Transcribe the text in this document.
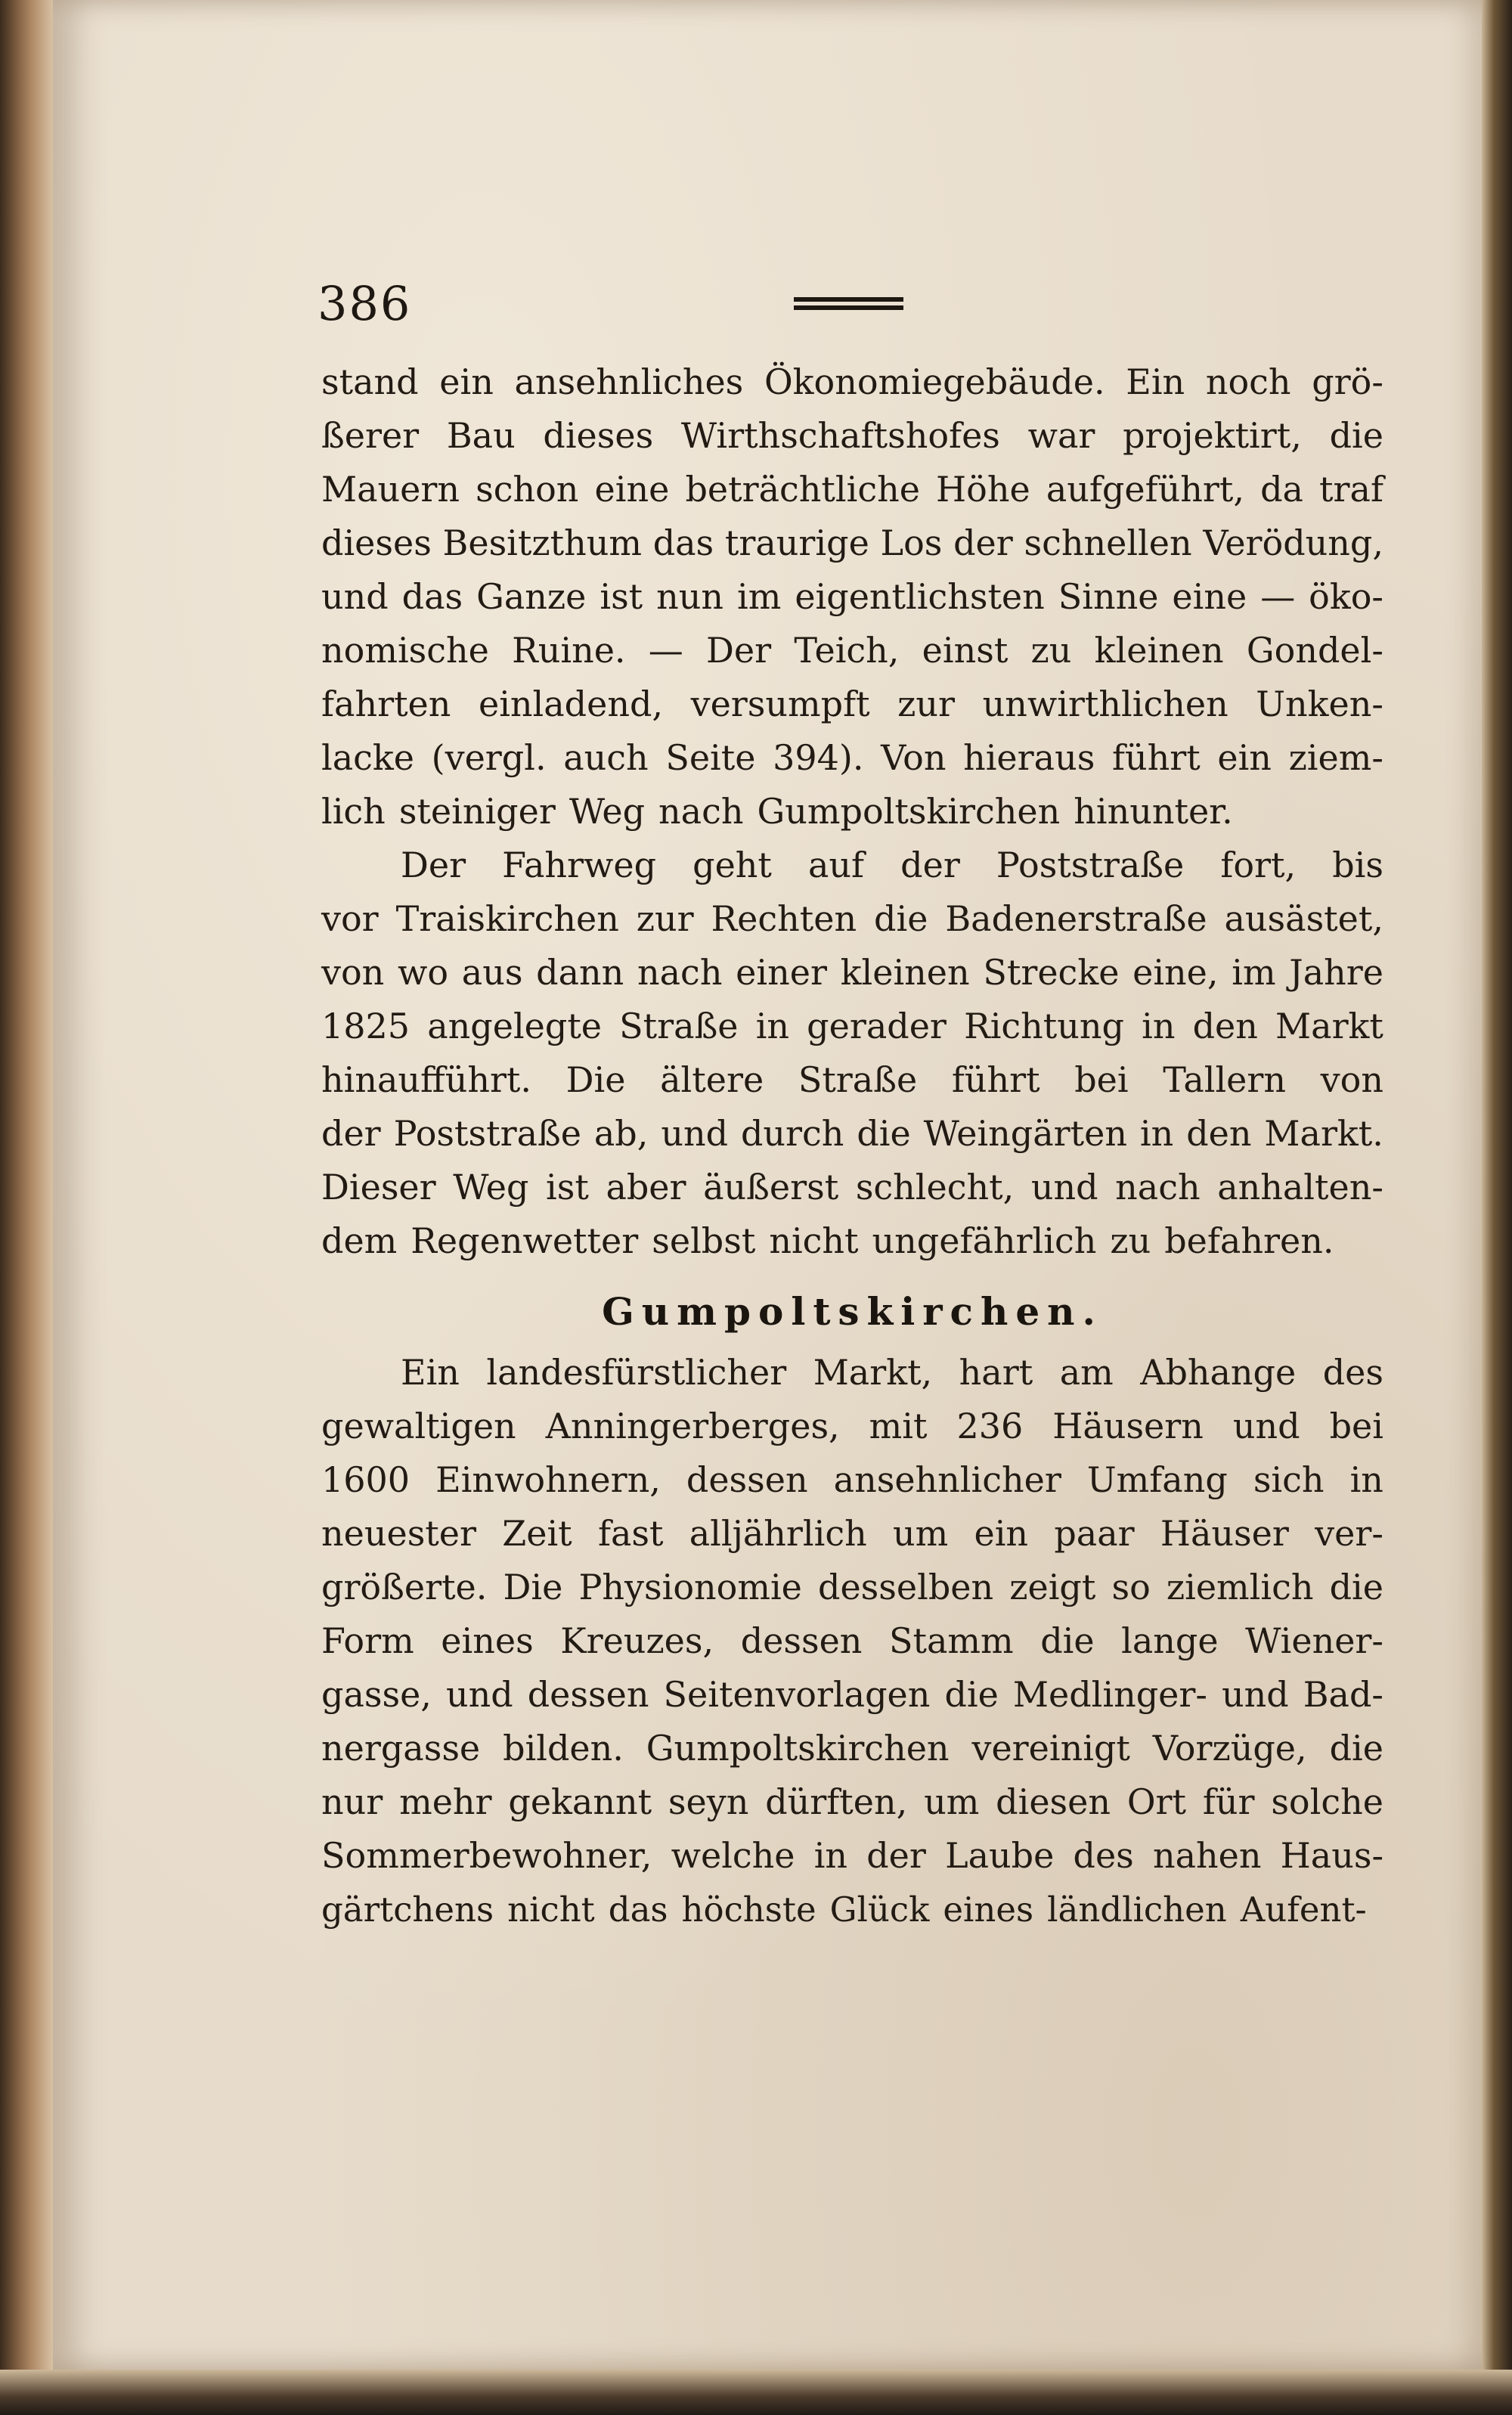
386
stand ein ansehnliches Ökonomiegebäude. Ein noch grö-
ßerer Bau dieses Wirthschaftshofes war projektirt, die
Mauern schon eine beträchtliche Höhe aufgeführt, da traf
dieses Besitzthum das traurige Los der schnellen Verödung,
und das Ganze ist nun im eigentlichsten Sinne eine — öko-
nomische Ruine. — Der Teich, einst zu kleinen Gondel-
fahrten einladend, versumpft zur unwirthlichen Unken-
lacke (vergl. auch Seite 394). Von hieraus führt ein ziem-
lich steiniger Weg nach Gumpoltskirchen hinunter.
Der Fahrweg geht auf der Poststraße fort, bis
vor Traiskirchen zur Rechten die Badenerstraße ausästet,
von wo aus dann nach einer kleinen Strecke eine, im Jahre
1825 angelegte Straße in gerader Richtung in den Markt
hinaufführt. Die ältere Straße führt bei Tallern von
der Poststraße ab, und durch die Weingärten in den Markt.
Dieser Weg ist aber äußerst schlecht, und nach anhalten-
dem Regenwetter selbst nicht ungefährlich zu befahren.
Gumpoltskirchen.
Ein landesfürstlicher Markt, hart am Abhange des
gewaltigen Anningerberges, mit 236 Häusern und bei
1600 Einwohnern, dessen ansehnlicher Umfang sich in
neuester Zeit fast alljährlich um ein paar Häuser ver-
größerte. Die Physionomie desselben zeigt so ziemlich die
Form eines Kreuzes, dessen Stamm die lange Wiener-
gasse, und dessen Seitenvorlagen die Medlinger- und Bad-
nergasse bilden. Gumpoltskirchen vereinigt Vorzüge, die
nur mehr gekannt seyn dürften, um diesen Ort für solche
Sommerbewohner, welche in der Laube des nahen Haus-
gärtchens nicht das höchste Glück eines ländlichen Aufent-
